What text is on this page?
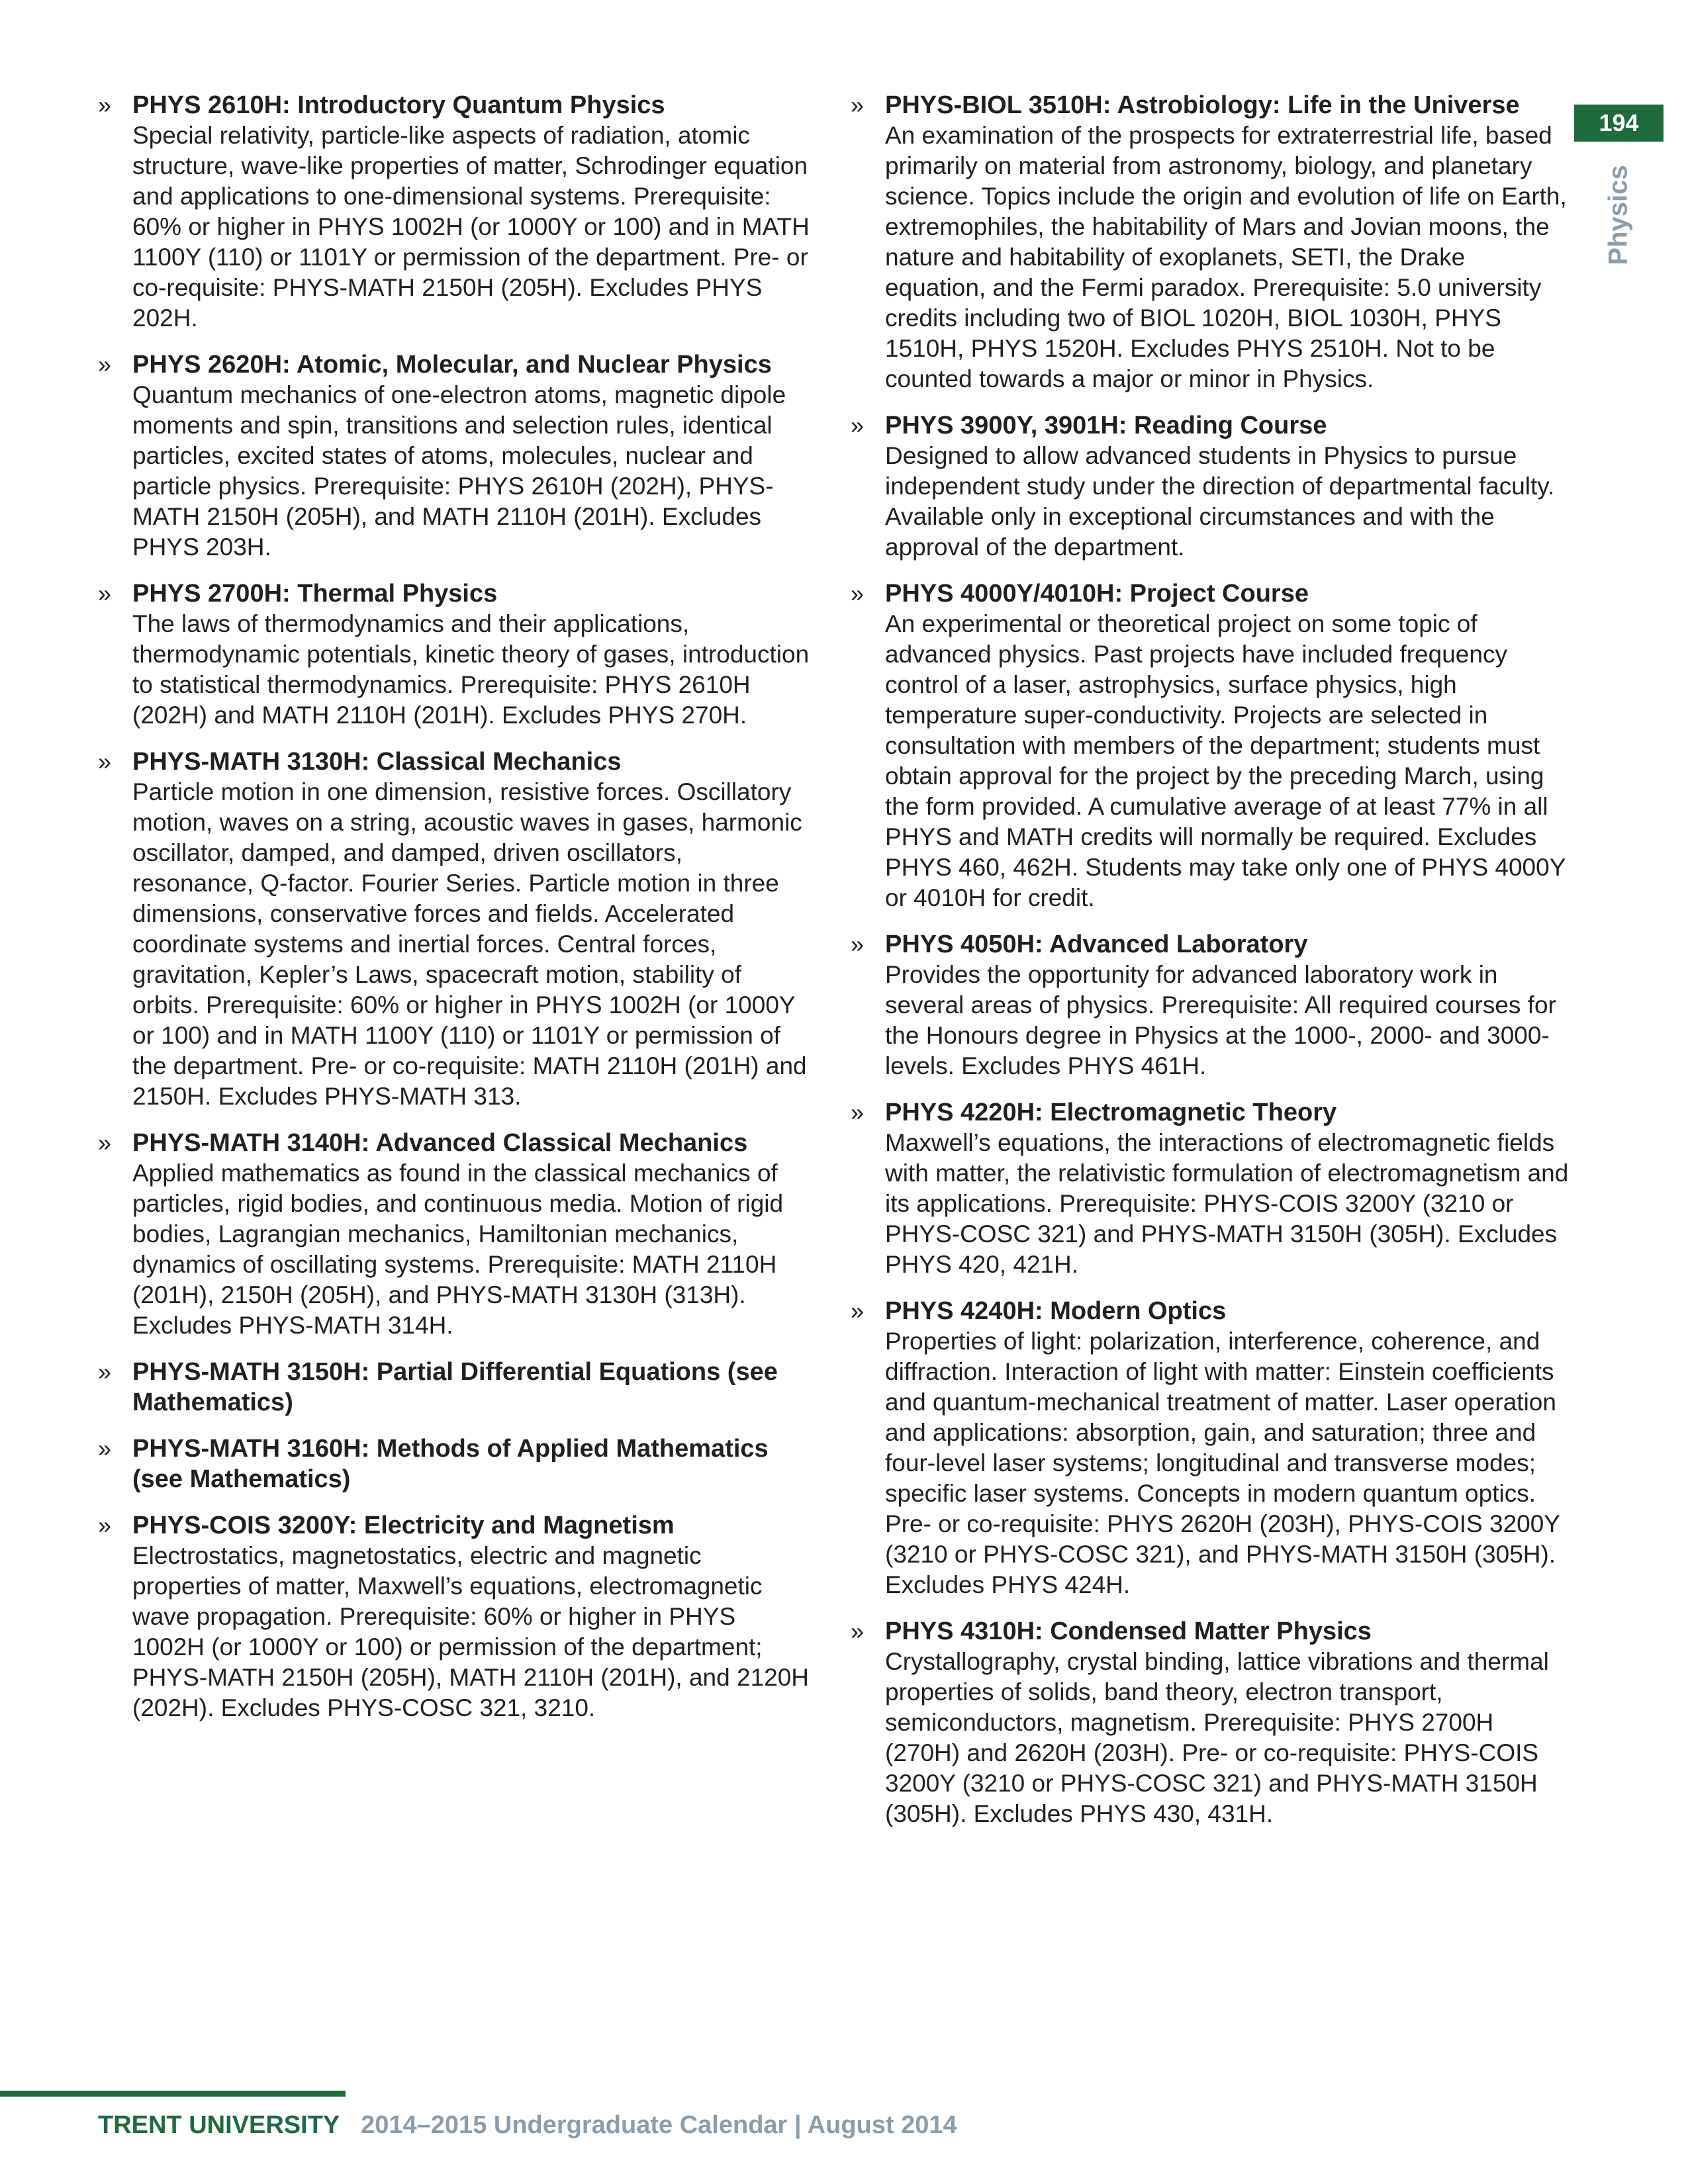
194
Physics
» PHYS 2610H: Introductory Quantum Physics
Special relativity, particle-like aspects of radiation, atomic structure, wave-like properties of matter, Schrodinger equation and applications to one-dimensional systems. Prerequisite: 60% or higher in PHYS 1002H (or 1000Y or 100) and in MATH 1100Y (110) or 1101Y or permission of the department. Pre- or co-requisite: PHYS-MATH 2150H (205H). Excludes PHYS 202H.
» PHYS 2620H: Atomic, Molecular, and Nuclear Physics
Quantum mechanics of one-electron atoms, magnetic dipole moments and spin, transitions and selection rules, identical particles, excited states of atoms, molecules, nuclear and particle physics. Prerequisite: PHYS 2610H (202H), PHYS-MATH 2150H (205H), and MATH 2110H (201H). Excludes PHYS 203H.
» PHYS 2700H: Thermal Physics
The laws of thermodynamics and their applications, thermodynamic potentials, kinetic theory of gases, introduction to statistical thermodynamics. Prerequisite: PHYS 2610H (202H) and MATH 2110H (201H). Excludes PHYS 270H.
» PHYS-MATH 3130H: Classical Mechanics
Particle motion in one dimension, resistive forces. Oscillatory motion, waves on a string, acoustic waves in gases, harmonic oscillator, damped, and damped, driven oscillators, resonance, Q-factor. Fourier Series. Particle motion in three dimensions, conservative forces and fields. Accelerated coordinate systems and inertial forces. Central forces, gravitation, Kepler’s Laws, spacecraft motion, stability of orbits. Prerequisite: 60% or higher in PHYS 1002H (or 1000Y or 100) and in MATH 1100Y (110) or 1101Y or permission of the department. Pre- or co-requisite: MATH 2110H (201H) and 2150H. Excludes PHYS-MATH 313.
» PHYS-MATH 3140H: Advanced Classical Mechanics
Applied mathematics as found in the classical mechanics of particles, rigid bodies, and continuous media. Motion of rigid bodies, Lagrangian mechanics, Hamiltonian mechanics, dynamics of oscillating systems. Prerequisite: MATH 2110H (201H), 2150H (205H), and PHYS-MATH 3130H (313H). Excludes PHYS-MATH 314H.
» PHYS-MATH 3150H: Partial Differential Equations (see Mathematics)
» PHYS-MATH 3160H: Methods of Applied Mathematics (see Mathematics)
» PHYS-COIS 3200Y: Electricity and Magnetism
Electrostatics, magnetostatics, electric and magnetic properties of matter, Maxwell’s equations, electromagnetic wave propagation. Prerequisite: 60% or higher in PHYS 1002H (or 1000Y or 100) or permission of the department; PHYS-MATH 2150H (205H), MATH 2110H (201H), and 2120H (202H). Excludes PHYS-COSC 321, 3210.
» PHYS-BIOL 3510H: Astrobiology: Life in the Universe
An examination of the prospects for extraterrestrial life, based primarily on material from astronomy, biology, and planetary science. Topics include the origin and evolution of life on Earth, extremophiles, the habitability of Mars and Jovian moons, the nature and habitability of exoplanets, SETI, the Drake equation, and the Fermi paradox. Prerequisite: 5.0 university credits including two of BIOL 1020H, BIOL 1030H, PHYS 1510H, PHYS 1520H. Excludes PHYS 2510H. Not to be counted towards a major or minor in Physics.
» PHYS 3900Y, 3901H: Reading Course
Designed to allow advanced students in Physics to pursue independent study under the direction of departmental faculty. Available only in exceptional circumstances and with the approval of the department.
» PHYS 4000Y/4010H: Project Course
An experimental or theoretical project on some topic of advanced physics. Past projects have included frequency control of a laser, astrophysics, surface physics, high temperature super-conductivity. Projects are selected in consultation with members of the department; students must obtain approval for the project by the preceding March, using the form provided. A cumulative average of at least 77% in all PHYS and MATH credits will normally be required. Excludes PHYS 460, 462H. Students may take only one of PHYS 4000Y or 4010H for credit.
» PHYS 4050H: Advanced Laboratory
Provides the opportunity for advanced laboratory work in several areas of physics. Prerequisite: All required courses for the Honours degree in Physics at the 1000-, 2000- and 3000-levels. Excludes PHYS 461H.
» PHYS 4220H: Electromagnetic Theory
Maxwell’s equations, the interactions of electromagnetic fields with matter, the relativistic formulation of electromagnetism and its applications. Prerequisite: PHYS-COIS 3200Y (3210 or PHYS-COSC 321) and PHYS-MATH 3150H (305H). Excludes PHYS 420, 421H.
» PHYS 4240H: Modern Optics
Properties of light: polarization, interference, coherence, and diffraction. Interaction of light with matter: Einstein coefficients and quantum-mechanical treatment of matter. Laser operation and applications: absorption, gain, and saturation; three and four-level laser systems; longitudinal and transverse modes; specific laser systems. Concepts in modern quantum optics. Pre- or co-requisite: PHYS 2620H (203H), PHYS-COIS 3200Y (3210 or PHYS-COSC 321), and PHYS-MATH 3150H (305H). Excludes PHYS 424H.
» PHYS 4310H: Condensed Matter Physics
Crystallography, crystal binding, lattice vibrations and thermal properties of solids, band theory, electron transport, semiconductors, magnetism. Prerequisite: PHYS 2700H (270H) and 2620H (203H). Pre- or co-requisite: PHYS-COIS 3200Y (3210 or PHYS-COSC 321) and PHYS-MATH 3150H (305H). Excludes PHYS 430, 431H.
TRENT UNIVERSITY 2014–2015 Undergraduate Calendar | August 2014
